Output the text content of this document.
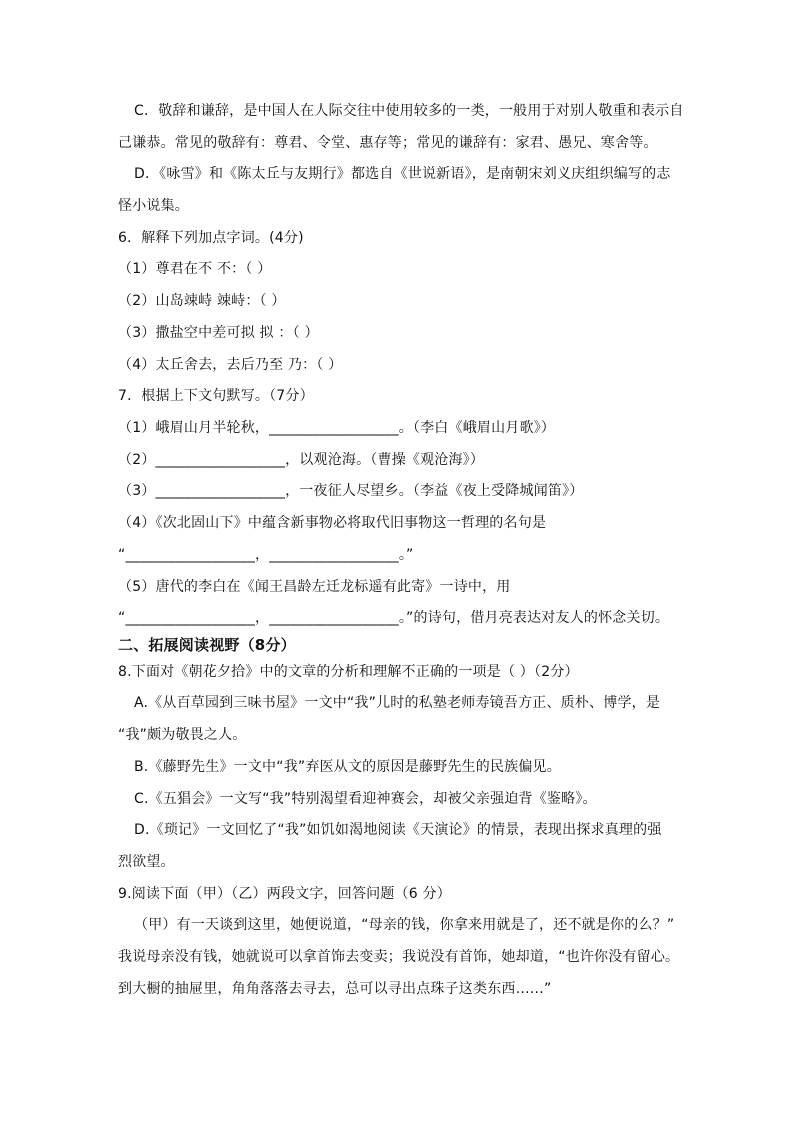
C．敬辞和谦辞，是中国人在人际交往中使用较多的一类，一般用于对别人敬重和表示自
己谦恭。常见的敬辞有：尊君、令堂、惠存等；常见的谦辞有：家君、愚兄、寒舍等。
D．《咏雪》和《陈太丘与友期行》都选自《世说新语》，是南朝宋刘义庆组织编写的志
怪小说集。
6．解释下列加点字词。(4分)
（1）尊君在不 不：（ ）
（2）山岛竦峙 竦峙：（ ）
（3）撒盐空中差可拟 拟 ：（ ）
（4）太丘舍去，去后乃至 乃：（ ）
7．根据上下文句默写。（7分）
（1）峨眉山月半轮秋，__________________。（李白《峨眉山月歌》）
（2）__________________，以观沧海。（曹操《观沧海》）
（3）__________________，一夜征人尽望乡。（李益《夜上受降城闻笛》）
（4）《次北固山下》中蕴含新事物必将取代旧事物这一哲理的名句是
“__________________，__________________。”
（5）唐代的李白在《闻王昌龄左迁龙标遥有此寄》一诗中，用
“__________________，__________________。”的诗句，借月亮表达对友人的怀念关切。
二、拓展阅读视野（8分）
8.下面对《朝花夕拾》中的文章的分析和理解不正确的一项是（ ）（2分）
A.《从百草园到三味书屋》一文中“我”儿时的私塾老师寿镜吾方正、质朴、博学，是
“我”颇为敬畏之人。
B.《藤野先生》一文中“我”弃医从文的原因是藤野先生的民族偏见。
C.《五猖会》一文写“我”特别渴望看迎神赛会，却被父亲强迫背《鉴略》。
D.《琐记》一文回忆了“我”如饥如渴地阅读《天演论》的情景，表现出探求真理的强
烈欲望。
9.阅读下面（甲）（乙）两段文字，回答问题（6 分）
（甲）有一天谈到这里，她便说道，“母亲的钱，你拿来用就是了，还不就是你的么？”
我说母亲没有钱，她就说可以拿首饰去变卖；我说没有首饰，她却道，“也许你没有留心。
到大橱的抽屉里，角角落落去寻去，总可以寻出点珠子这类东西……”
